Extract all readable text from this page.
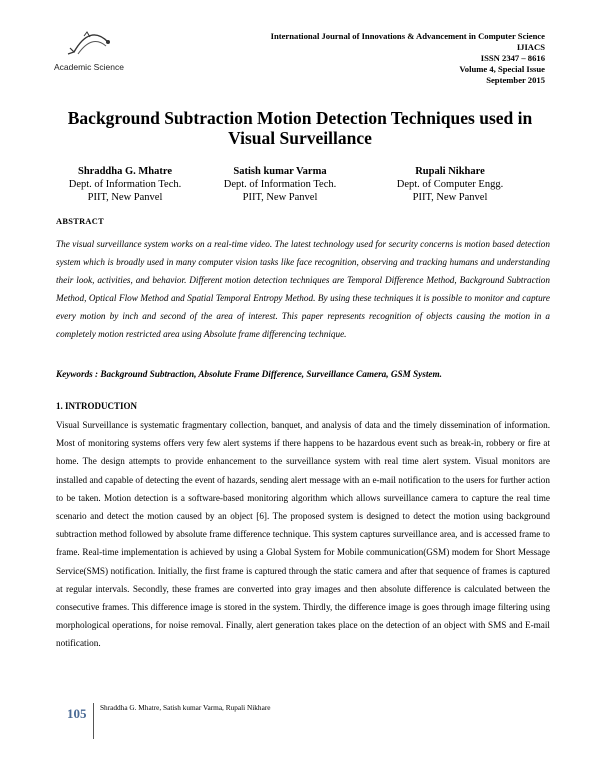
Academic Science
International Journal of Innovations & Advancement in Computer Science
IJIACS
ISSN 2347 – 8616
Volume 4, Special Issue
September 2015
Background Subtraction Motion Detection Techniques used in
Visual Surveillance
Shraddha G. Mhatre
Dept. of Information Tech.
PIIT, New Panvel
Satish kumar Varma
Dept. of Information Tech.
PIIT, New Panvel
Rupali Nikhare
Dept. of Computer Engg.
PIIT, New Panvel
ABSTRACT
The visual surveillance system works on a real-time video. The latest technology used for security concerns is motion based detection system which is broadly used in many computer vision tasks like face recognition, observing and tracking humans and understanding their look, activities, and behavior. Different motion detection techniques are Temporal Difference Method, Background Subtraction Method, Optical Flow Method and Spatial Temporal Entropy Method. By using these techniques it is possible to monitor and capture every motion by inch and second of the area of interest. This paper represents recognition of objects causing the motion in a completely motion restricted area using Absolute frame differencing technique.
Keywords : Background Subtraction, Absolute Frame Difference, Surveillance Camera, GSM System.
1. INTRODUCTION
Visual Surveillance is systematic fragmentary collection, banquet, and analysis of data and the timely dissemination of information. Most of monitoring systems offers very few alert systems if there happens to be hazardous event such as break-in, robbery or fire at home. The design attempts to provide enhancement to the surveillance system with real time alert system. Visual monitors are installed and capable of detecting the event of hazards, sending alert message with an e-mail notification to the users for further action to be taken. Motion detection is a software-based monitoring algorithm which allows surveillance camera to capture the real time scenario and detect the motion caused by an object [6]. The proposed system is designed to detect the motion using background subtraction method followed by absolute frame difference technique. This system captures surveillance area, and is accessed frame to frame. Real-time implementation is achieved by using a Global System for Mobile communication(GSM) modem for Short Message Service(SMS) notification. Initially, the first frame is captured through the static camera and after that sequence of frames is captured at regular intervals. Secondly, these frames are converted into gray images and then absolute difference is calculated between the consecutive frames. This difference image is stored in the system. Thirdly, the difference image is goes through image filtering using morphological operations, for noise removal. Finally, alert generation takes place on the detection of an object with SMS and E-mail notification.
105 Shraddha G. Mhatre, Satish kumar Varma, Rupali Nikhare
